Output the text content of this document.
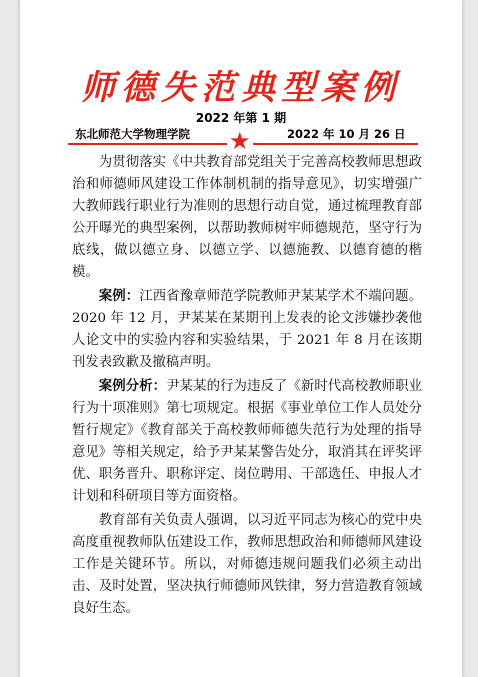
师德失范典型案例
2022 年第 1 期
东北师范大学物理学院	2022 年 10 月 26 日
★

为贯彻落实《中共教育部党组关于完善高校教师思想政治和师德师风建设工作体制机制的指导意见》，切实增强广大教师践行职业行为准则的思想行动自觉，通过梳理教育部公开曝光的典型案例，以帮助教师树牢师德规范，坚守行为底线，做以德立身、以德立学、以德施教、以德育德的楷模。

案例：江西省豫章师范学院教师尹某某学术不端问题。2020 年 12 月，尹某某在某期刊上发表的论文涉嫌抄袭他人论文中的实验内容和实验结果，于 2021 年 8 月在该期刊发表致歉及撤稿声明。

案例分析：尹某某的行为违反了《新时代高校教师职业行为十项准则》第七项规定。根据《事业单位工作人员处分暂行规定》《教育部关于高校教师师德失范行为处理的指导意见》等相关规定，给予尹某某警告处分，取消其在评奖评优、职务晋升、职称评定、岗位聘用、干部选任、申报人才计划和科研项目等方面资格。

教育部有关负责人强调，以习近平同志为核心的党中央高度重视教师队伍建设工作，教师思想政治和师德师风建设工作是关键环节。所以，对师德违规问题我们必须主动出击、及时处置，坚决执行师德师风铁律，努力营造教育领域良好生态。
